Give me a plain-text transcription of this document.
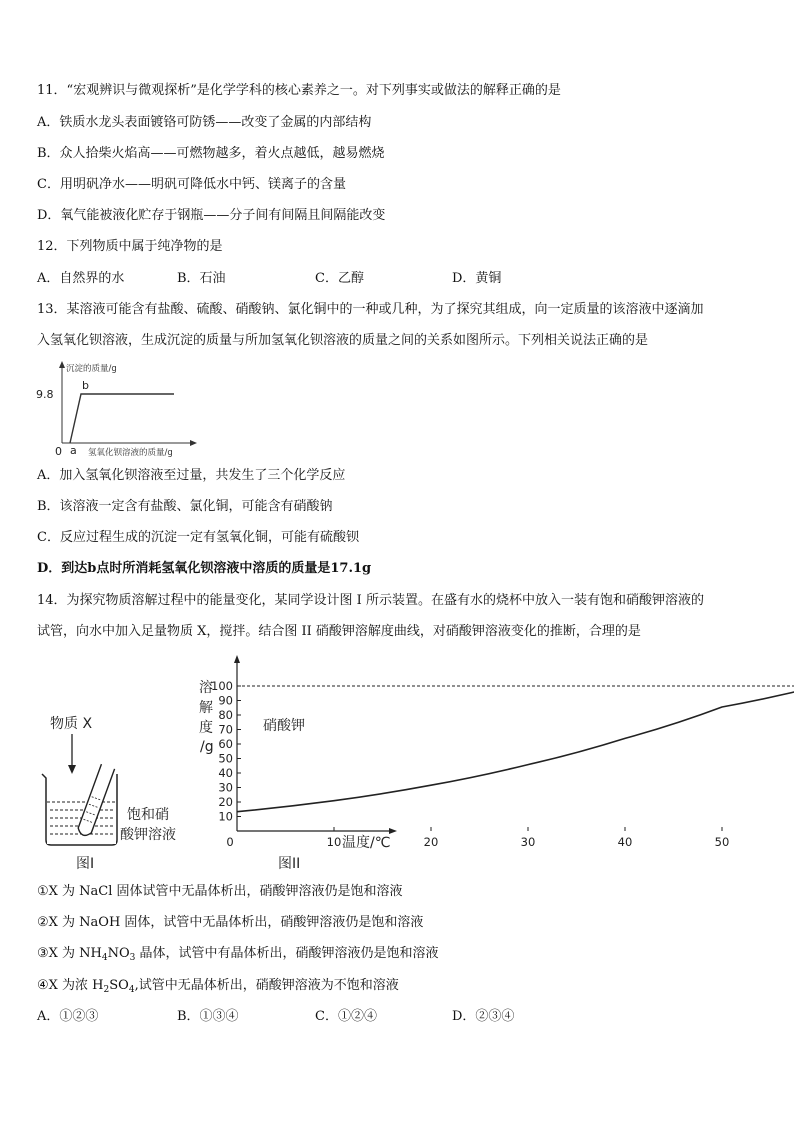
11．“宏观辨识与微观探析”是化学学科的核心素养之一。对下列事实或做法的解释正确的是
A．铁质水龙头表面镀铬可防锈——改变了金属的内部结构
B．众人拾柴火焰高——可燃物越多，着火点越低，越易燃烧
C．用明矾净水——明矾可降低水中钙、镁离子的含量
D．氧气能被液化贮存于钢瓶——分子间有间隔且间隔能改变
12．下列物质中属于纯净物的是
A．自然界的水	B．石油	C．乙醇	D．黄铜
13．某溶液可能含有盐酸、硫酸、硝酸钠、氯化铜中的一种或几种，为了探究其组成，向一定质量的该溶液中逐滴加
入氢氧化钡溶液，生成沉淀的质量与所加氢氧化钡溶液的质量之间的关系如图所示。下列相关说法正确的是
沉淀的质量/g
9.8
b
0 a 氢氧化钡溶液的质量/g
A．加入氢氧化钡溶液至过量，共发生了三个化学反应
B．该溶液一定含有盐酸、氯化铜，可能含有硝酸钠
C．反应过程生成的沉淀一定有氢氧化铜，可能有硫酸钡
D．到达b点时所消耗氢氧化钡溶液中溶质的质量是17.1g
14．为探究物质溶解过程中的能量变化，某同学设计图 I 所示装置。在盛有水的烧杯中放入一装有饱和硝酸钾溶液的
试管，向水中加入足量物质 X，搅拌。结合图 II 硝酸钾溶解度曲线，对硝酸钾溶液变化的推断，合理的是
物质 X
饱和硝
酸钾溶液
图I
10
20
30
40
50
60
70
80
90
100
0	10	20	30	40	50
溶
解
度
/g
硝酸钾
温度/℃
图II
①X 为 NaCl 固体试管中无晶体析出，硝酸钾溶液仍是饱和溶液
②X 为 NaOH 固体，试管中无晶体析出，硝酸钾溶液仍是饱和溶液
③X 为 $NH_4NO_3$ 晶体，试管中有晶体析出，硝酸钾溶液仍是饱和溶液
④X 为浓 $H_2SO_4$,试管中无晶体析出，硝酸钾溶液为不饱和溶液
A．①②③	B．①③④	C．①②④	D．②③④
